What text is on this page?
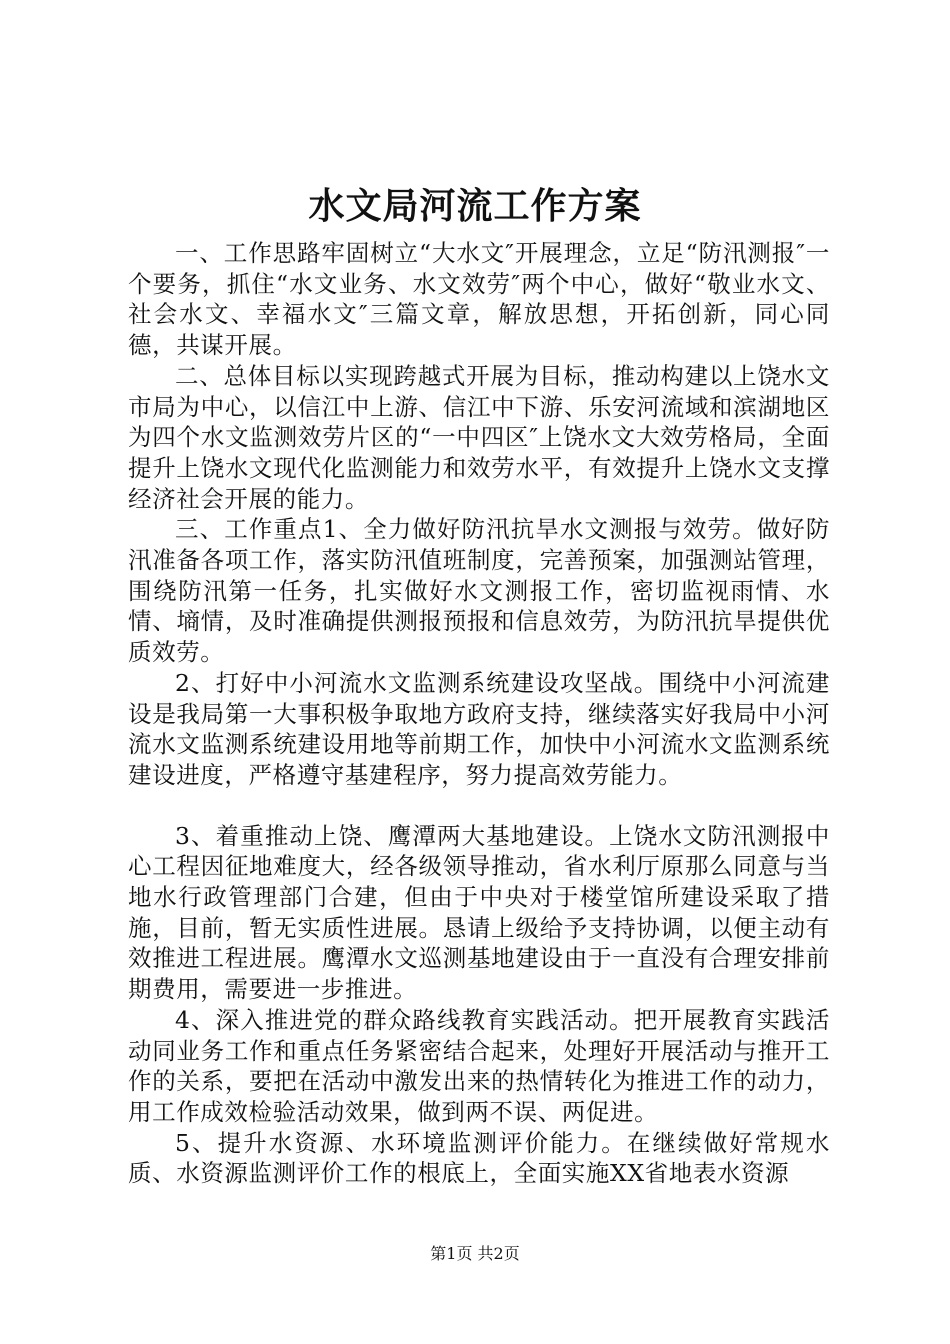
水文局河流工作方案

一、工作思路牢固树立“大水文″开展理念，立足“防汛测报″一个要务，抓住“水文业务、水文效劳″两个中心，做好“敬业水文、社会水文、幸福水文″三篇文章，解放思想，开拓创新，同心同德，共谋开展。

二、总体目标以实现跨越式开展为目标，推动构建以上饶水文市局为中心，以信江中上游、信江中下游、乐安河流域和滨湖地区为四个水文监测效劳片区的“一中四区″上饶水文大效劳格局，全面提升上饶水文现代化监测能力和效劳水平，有效提升上饶水文支撑经济社会开展的能力。

三、工作重点1、全力做好防汛抗旱水文测报与效劳。做好防汛准备各项工作，落实防汛值班制度，完善预案，加强测站管理，围绕防汛第一任务，扎实做好水文测报工作，密切监视雨情、水情、墒情，及时准确提供测报预报和信息效劳，为防汛抗旱提供优质效劳。

2、打好中小河流水文监测系统建设攻坚战。围绕中小河流建设是我局第一大事积极争取地方政府支持，继续落实好我局中小河流水文监测系统建设用地等前期工作，加快中小河流水文监测系统建设进度，严格遵守基建程序，努力提高效劳能力。

3、着重推动上饶、鹰潭两大基地建设。上饶水文防汛测报中心工程因征地难度大，经各级领导推动，省水利厅原那么同意与当地水行政管理部门合建，但由于中央对于楼堂馆所建设采取了措施，目前，暂无实质性进展。恳请上级给予支持协调，以便主动有效推进工程进展。鹰潭水文巡测基地建设由于一直没有合理安排前期费用，需要进一步推进。

4、深入推进党的群众路线教育实践活动。把开展教育实践活动同业务工作和重点任务紧密结合起来，处理好开展活动与推开工作的关系，要把在活动中激发出来的热情转化为推进工作的动力，用工作成效检验活动效果，做到两不误、两促进。

5、提升水资源、水环境监测评价能力。在继续做好常规水质、水资源监测评价工作的根底上，全面实施XX省地表水资源

第1页 共2页
